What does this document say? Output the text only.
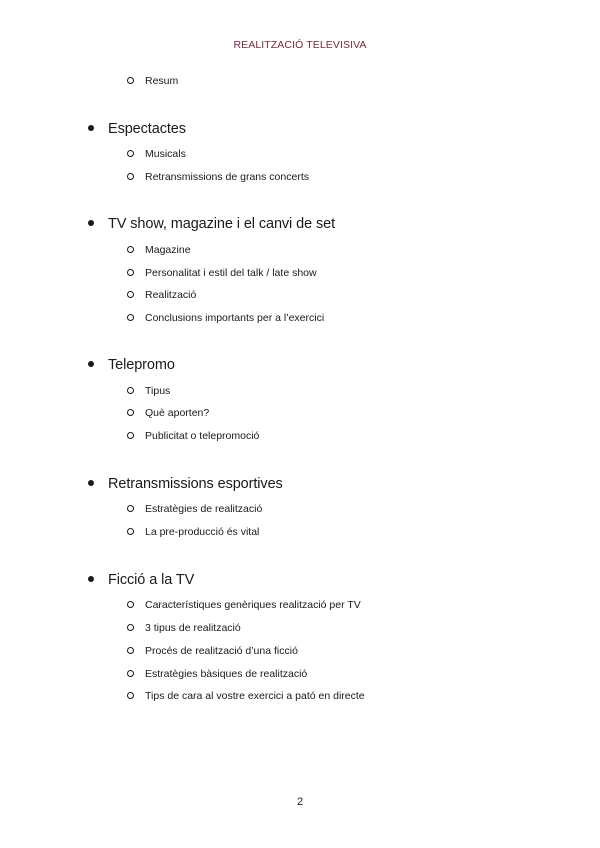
REALITZACIÓ TELEVISIVA
Resum
Espectactes
Musicals
Retransmissions de grans concerts
TV show, magazine i el canvi de set
Magazine
Personalitat i estil del talk / late show
Realització
Conclusions importants per a l’exercici
Telepromo
Tipus
Què aporten?
Publicitat o telepromoció
Retransmissions esportives
Estratègies de realització
La pre-producció és vital
Ficció a la TV
Característiques genèriques realització per TV
3 tipus de realització
Procés de realització d’una ficció
Estratègies bàsiques de realització
Tips de cara al vostre exercici a pató en directe
2
